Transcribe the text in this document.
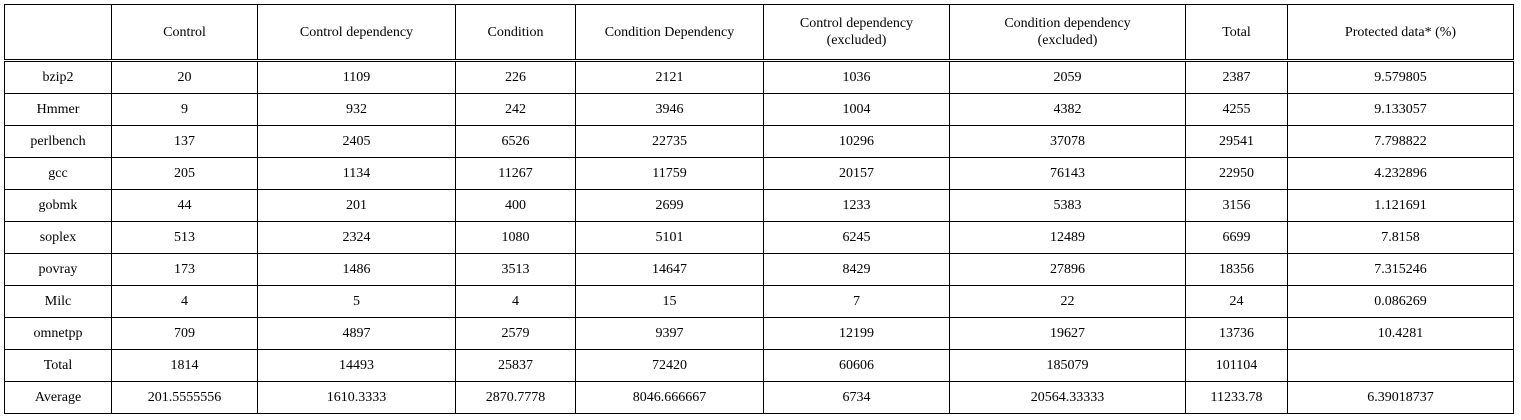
	Control	Control dependency	Condition	Condition Dependency	Control dependency
(excluded)	Condition dependency
(excluded)	Total	Protected data* (%)
bzip2	20	1109	226	2121	1036	2059	2387	9.579805
Hmmer	9	932	242	3946	1004	4382	4255	9.133057
perlbench	137	2405	6526	22735	10296	37078	29541	7.798822
gcc	205	1134	11267	11759	20157	76143	22950	4.232896
gobmk	44	201	400	2699	1233	5383	3156	1.121691
soplex	513	2324	1080	5101	6245	12489	6699	7.8158
povray	173	1486	3513	14647	8429	27896	18356	7.315246
Milc	4	5	4	15	7	22	24	0.086269
omnetpp	709	4897	2579	9397	12199	19627	13736	10.4281
Total	1814	14493	25837	72420	60606	185079	101104	
Average	201.5555556	1610.3333	2870.7778	8046.666667	6734	20564.33333	11233.78	6.39018737
